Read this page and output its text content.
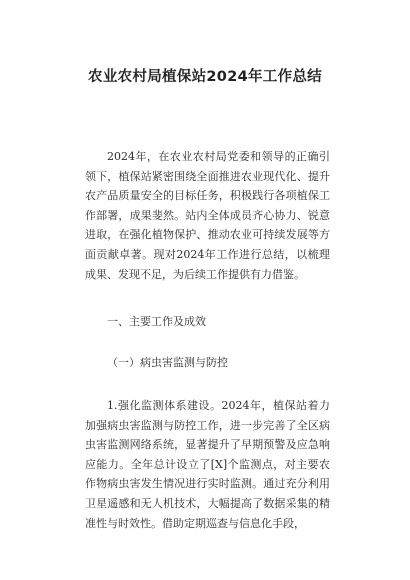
农业农村局植保站2024年工作总结
2024年，在农业农村局党委和领导的正确引领下，植保站紧密围绕全面推进农业现代化、提升农产品质量安全的目标任务，积极践行各项植保工作部署，成果斐然。站内全体成员齐心协力、锐意进取，在强化植物保护、推动农业可持续发展等方面贡献卓著。现对2024年工作进行总结，以梳理成果、发现不足，为后续工作提供有力借鉴。
一、主要工作及成效
（一）病虫害监测与防控
1.强化监测体系建设。2024年，植保站着力加强病虫害监测与防控工作，进一步完善了全区病虫害监测网络系统，显著提升了早期预警及应急响应能力。全年总计设立了[X]个监测点，对主要农作物病虫害发生情况进行实时监测。通过充分利用卫星遥感和无人机技术，大幅提高了数据采集的精准性与时效性。借助定期巡查与信息化手段，
